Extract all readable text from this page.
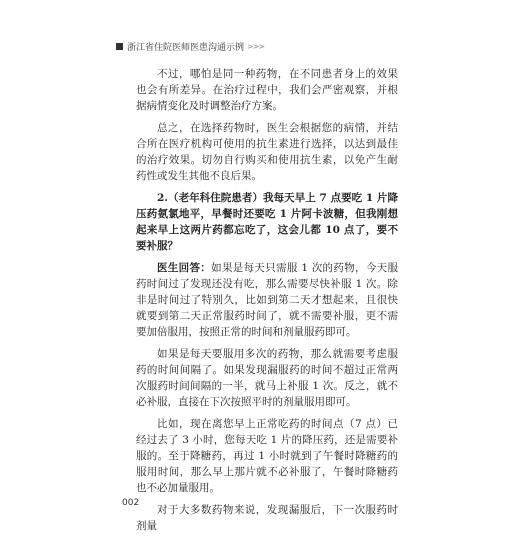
浙江省住院医师医患沟通示例 >>>

不过，哪怕是同一种药物，在不同患者身上的效果也会有所差异。在治疗过程中，我们会严密观察，并根据病情变化及时调整治疗方案。

总之，在选择药物时，医生会根据您的病情，并结合所在医疗机构可使用的抗生素进行选择，以达到最佳的治疗效果。切勿自行购买和使用抗生素，以免产生耐药性或发生其他不良后果。

2.（老年科住院患者）我每天早上 7 点要吃 1 片降压药氨氯地平，早餐时还要吃 1 片阿卡波糖，但我刚想起来早上这两片药都忘吃了，这会儿都 10 点了，要不要补服？

医生回答：如果是每天只需服 1 次的药物，今天服药时间过了发现还没有吃，那么需要尽快补服 1 次。除非是时间过了特别久，比如到第二天才想起来，且很快就要到第二天正常服药时间了，就不需要补服，更不需要加倍服用，按照正常的时间和剂量服药即可。

如果是每天要服用多次的药物，那么就需要考虑服药的时间间隔了。如果发现漏服药的时间不超过正常两次服药时间间隔的一半，就马上补服 1 次。反之，就不必补服，直接在下次按照平时的剂量服用即可。

比如，现在离您早上正常吃药的时间点（7 点）已经过去了 3 小时，您每天吃 1 片的降压药，还是需要补服的。至于降糖药，再过 1 小时就到了午餐时降糖药的服用时间，那么早上那片就不必补服了，午餐时降糖药也不必加量服用。

对于大多数药物来说，发现漏服后，下一次服药时剂量

002
